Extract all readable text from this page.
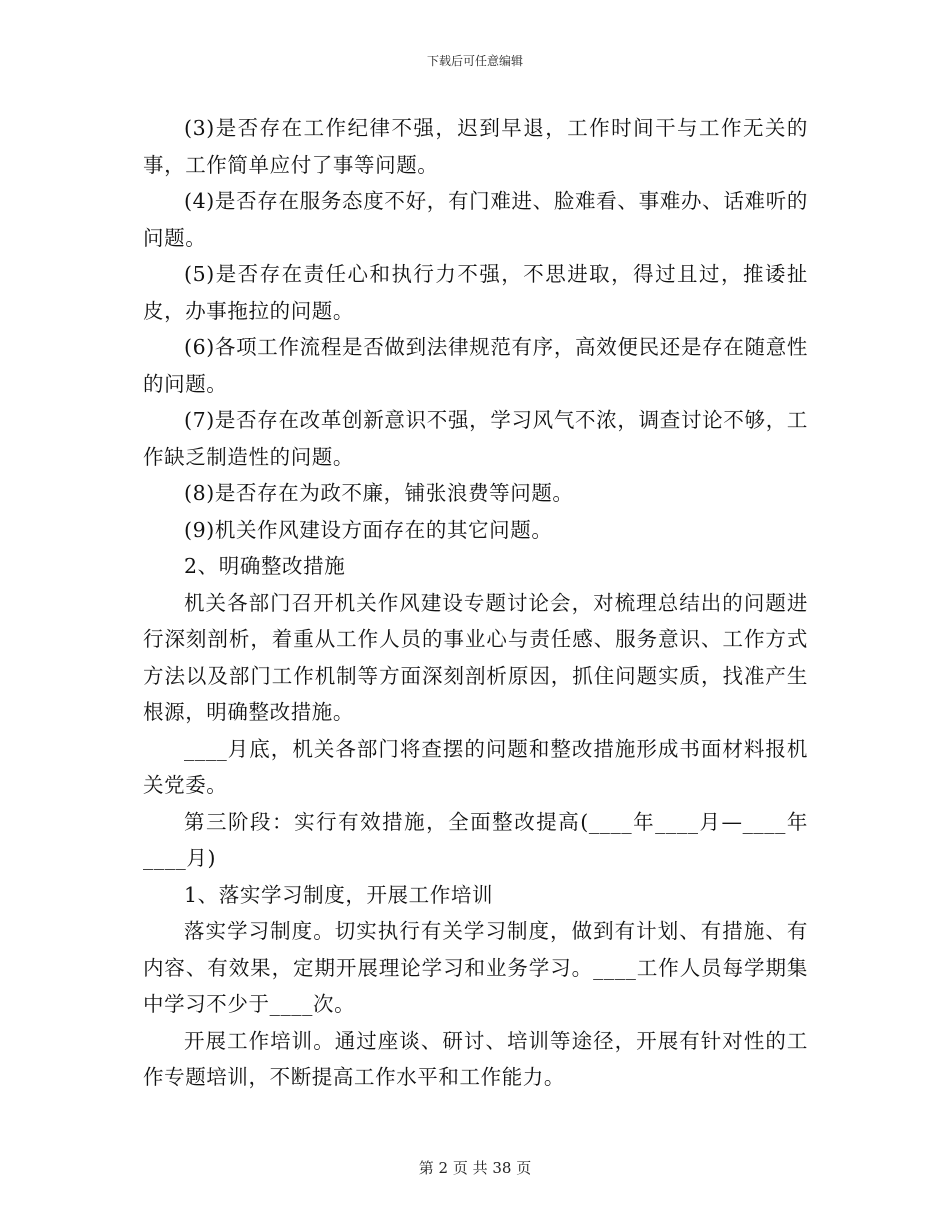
下载后可任意编辑

(3)是否存在工作纪律不强，迟到早退，工作时间干与工作无关的事，工作简单应付了事等问题。

(4)是否存在服务态度不好，有门难进、脸难看、事难办、话难听的问题。

(5)是否存在责任心和执行力不强，不思进取，得过且过，推诿扯皮，办事拖拉的问题。

(6)各项工作流程是否做到法律规范有序，高效便民还是存在随意性的问题。

(7)是否存在改革创新意识不强，学习风气不浓，调查讨论不够，工作缺乏制造性的问题。

(8)是否存在为政不廉，铺张浪费等问题。

(9)机关作风建设方面存在的其它问题。

2、明确整改措施

机关各部门召开机关作风建设专题讨论会，对梳理总结出的问题进行深刻剖析，着重从工作人员的事业心与责任感、服务意识、工作方式方法以及部门工作机制等方面深刻剖析原因，抓住问题实质，找准产生根源，明确整改措施。

____月底，机关各部门将查摆的问题和整改措施形成书面材料报机关党委。

第三阶段：实行有效措施，全面整改提高(____年____月—____年____月)

1、落实学习制度，开展工作培训

落实学习制度。切实执行有关学习制度，做到有计划、有措施、有内容、有效果，定期开展理论学习和业务学习。____工作人员每学期集中学习不少于____次。

开展工作培训。通过座谈、研讨、培训等途径，开展有针对性的工作专题培训，不断提高工作水平和工作能力。

第 2 页 共 38 页
